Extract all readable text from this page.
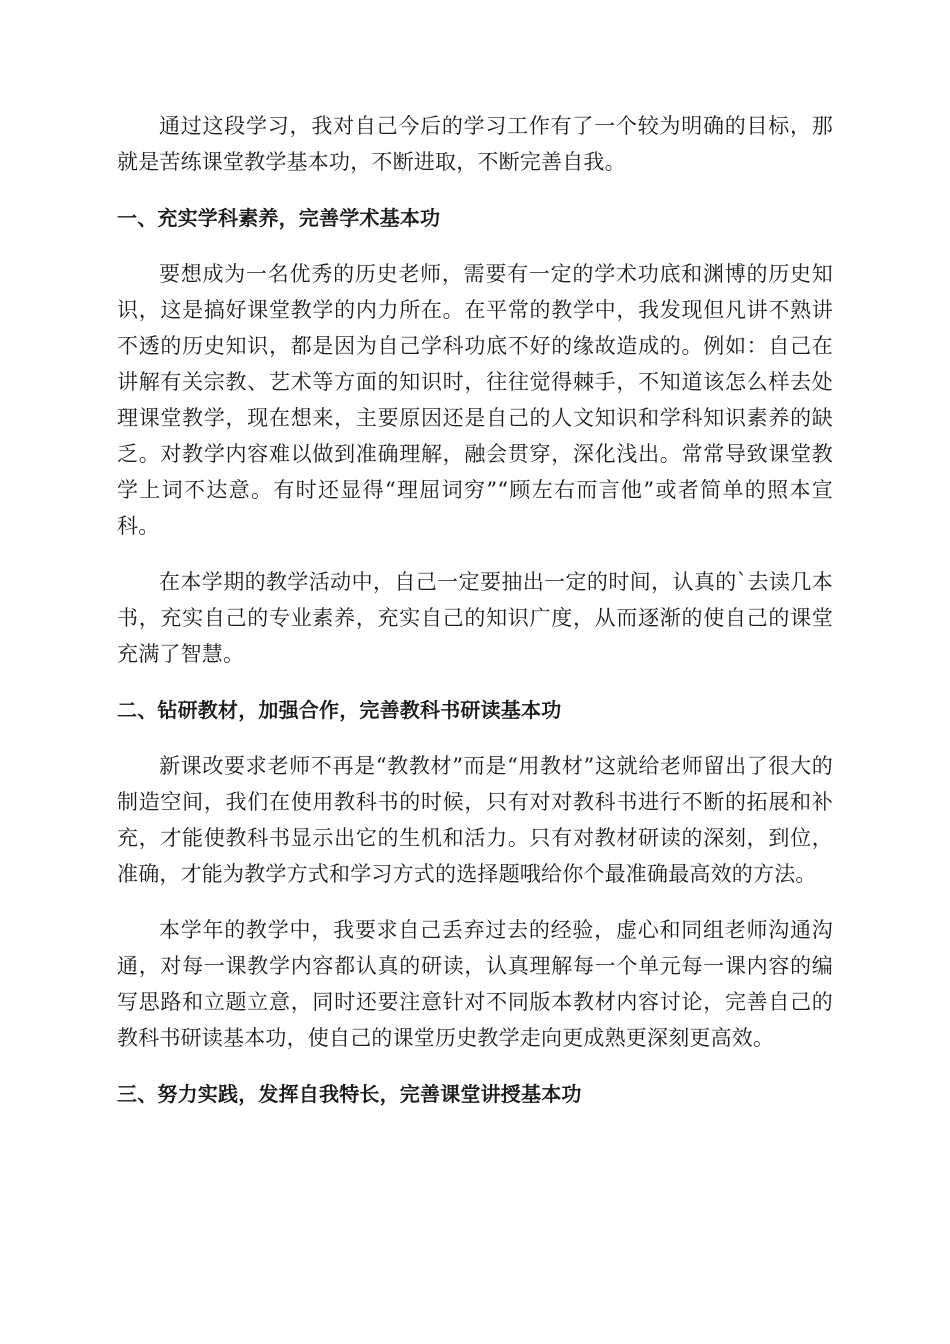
通过这段学习，我对自己今后的学习工作有了一个较为明确的目标，那就是苦练课堂教学基本功，不断进取，不断完善自我。

一、充实学科素养，完善学术基本功

要想成为一名优秀的历史老师，需要有一定的学术功底和渊博的历史知识，这是搞好课堂教学的内力所在。在平常的教学中，我发现但凡讲不熟讲不透的历史知识，都是因为自己学科功底不好的缘故造成的。例如：自己在讲解有关宗教、艺术等方面的知识时，往往觉得棘手，不知道该怎么样去处理课堂教学，现在想来，主要原因还是自己的人文知识和学科知识素养的缺乏。对教学内容难以做到准确理解，融会贯穿，深化浅出。常常导致课堂教学上词不达意。有时还显得“理屈词穷”“顾左右而言他”或者简单的照本宣科。

在本学期的教学活动中，自己一定要抽出一定的时间，认真的`去读几本书，充实自己的专业素养，充实自己的知识广度，从而逐渐的使自己的课堂充满了智慧。

二、钻研教材，加强合作，完善教科书研读基本功

新课改要求老师不再是“教教材”而是“用教材”这就给老师留出了很大的制造空间，我们在使用教科书的时候，只有对对教科书进行不断的拓展和补充，才能使教科书显示出它的生机和活力。只有对教材研读的深刻，到位，准确，才能为教学方式和学习方式的选择题哦给你个最准确最高效的方法。

本学年的教学中，我要求自己丢弃过去的经验，虚心和同组老师沟通沟通，对每一课教学内容都认真的研读，认真理解每一个单元每一课内容的编写思路和立题立意，同时还要注意针对不同版本教材内容讨论，完善自己的教科书研读基本功，使自己的课堂历史教学走向更成熟更深刻更高效。

三、努力实践，发挥自我特长，完善课堂讲授基本功
